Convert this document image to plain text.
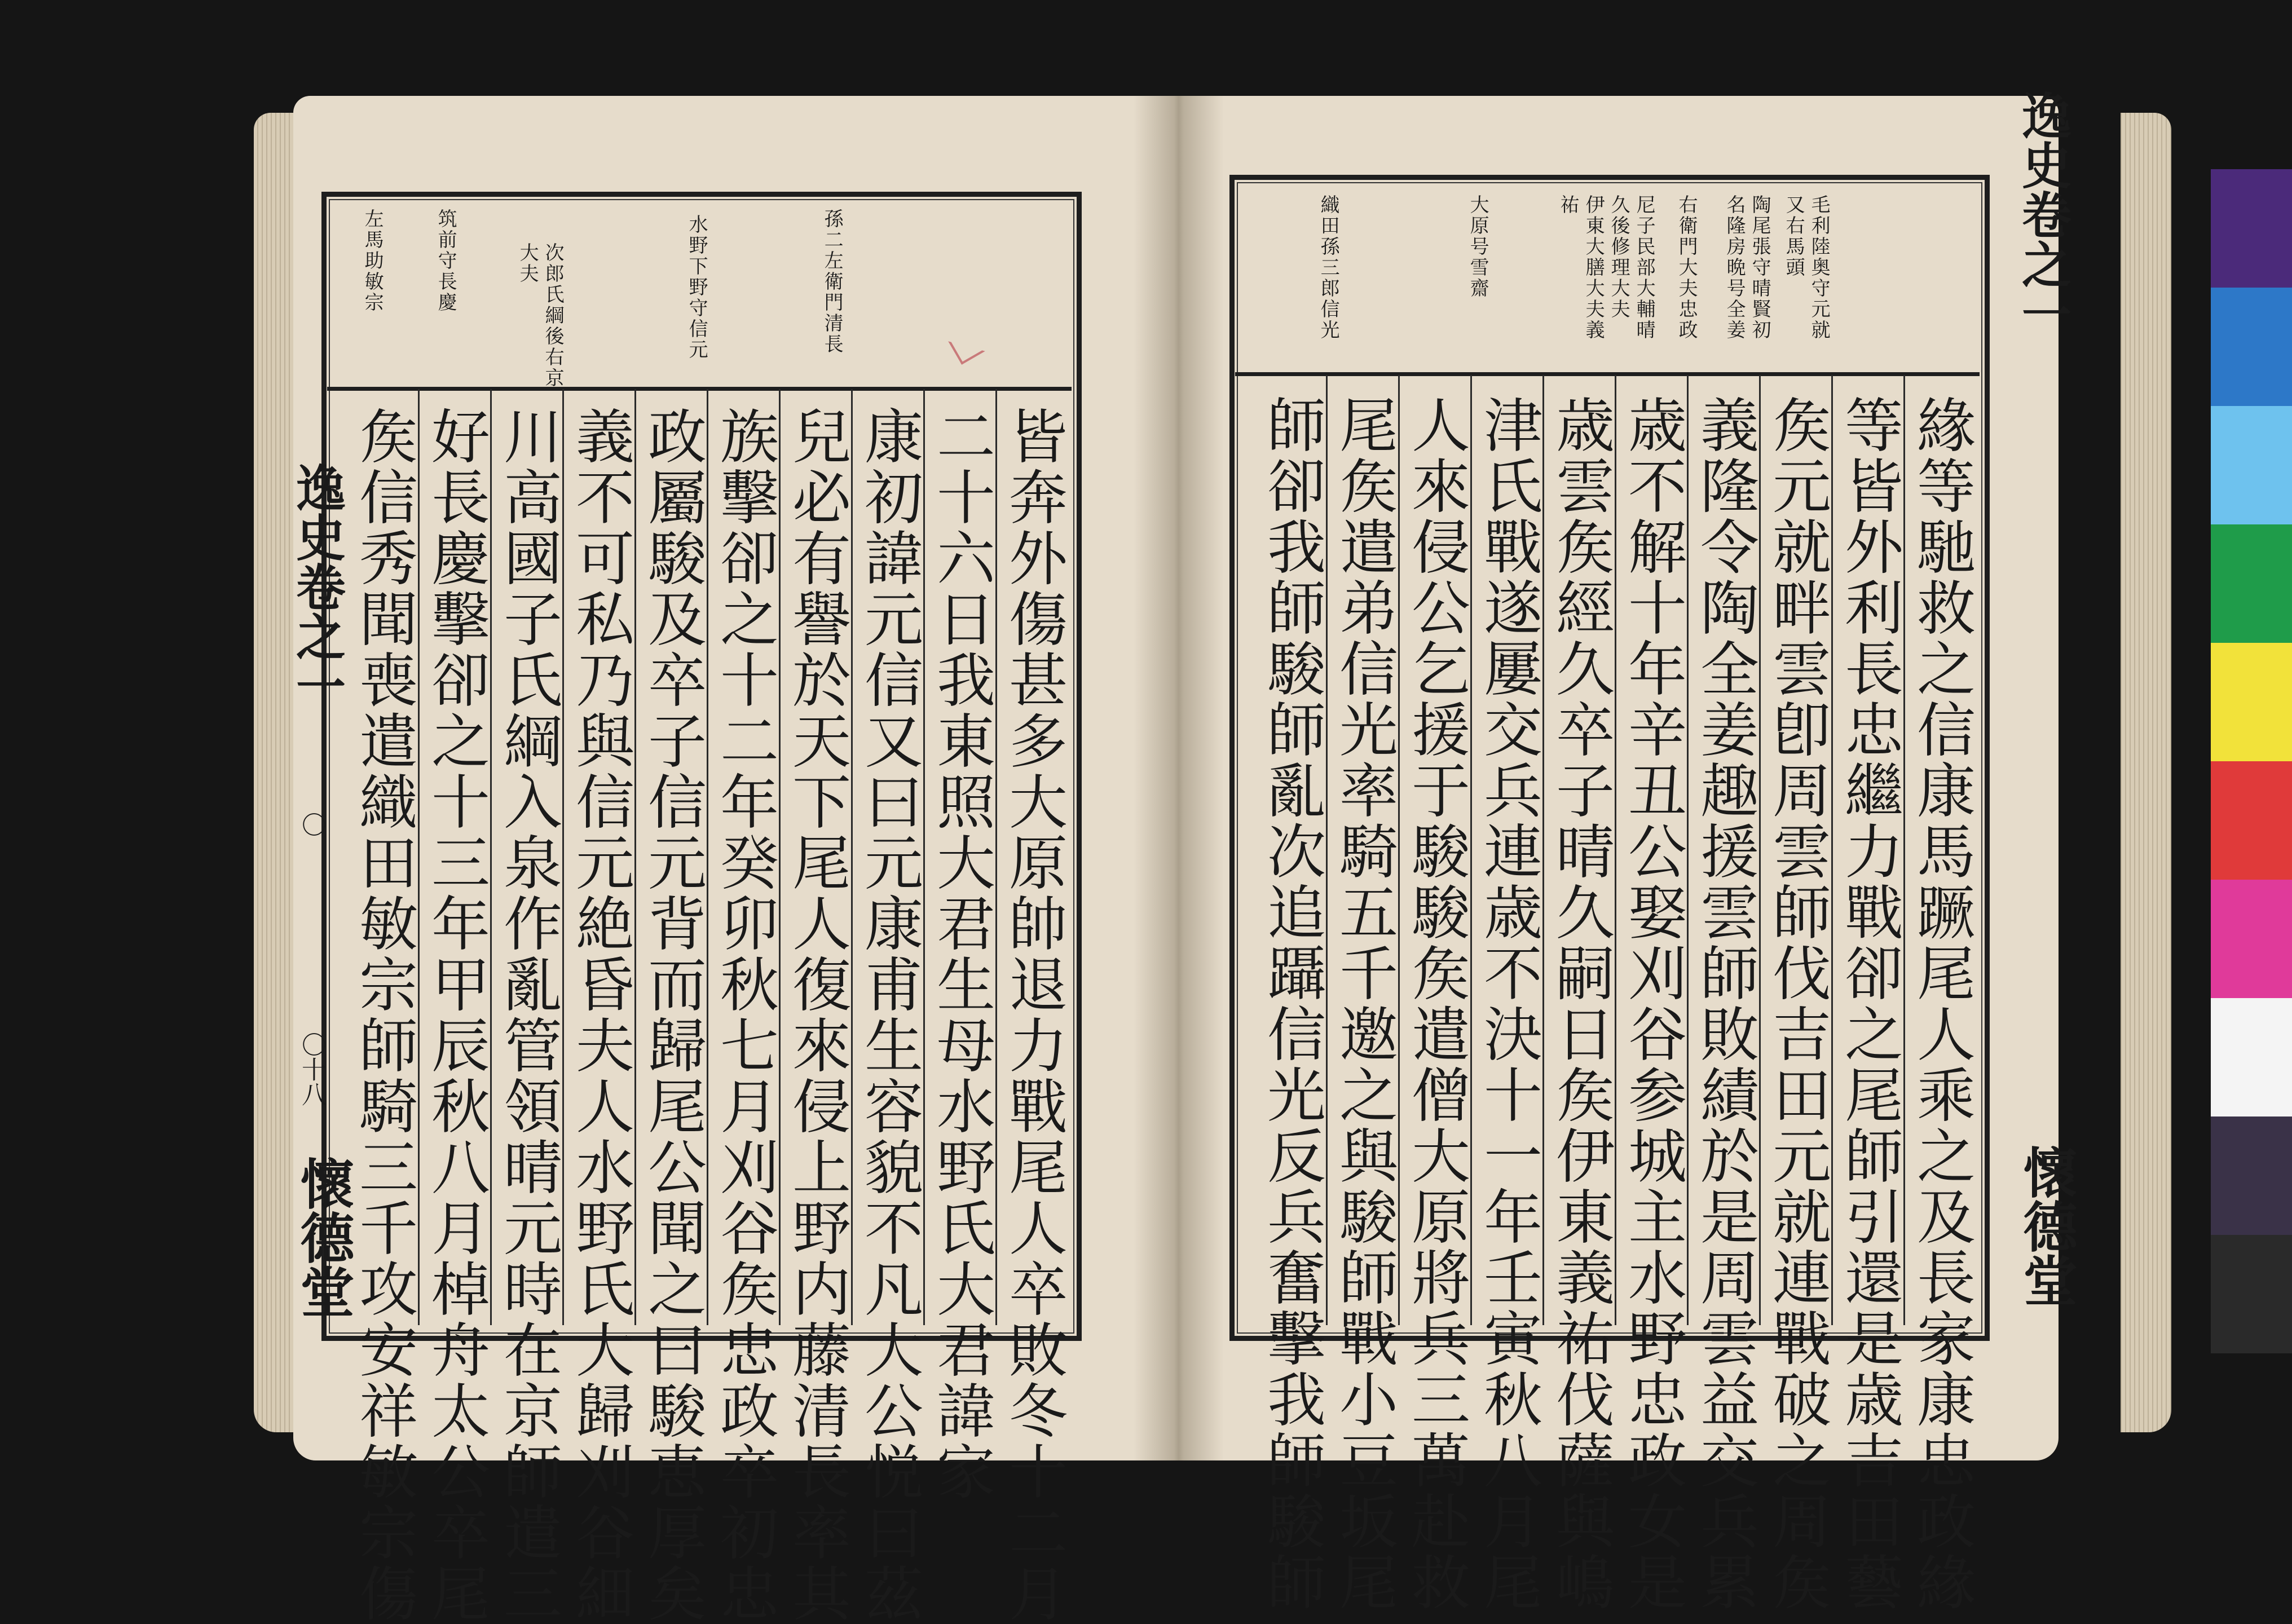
逸史卷之一
〇
〇十八
懷德堂
孫二左衛門清長
水野下野守信元
次郎氏綱後右京
大夫
筑前守長慶
左馬助敏宗
皆奔外傷甚多大原帥退力戰尾人卒敗冬十二月
二十六日我東照大君生母水野氏大君諱家
康初諱元信又曰元康甫生容貌不凡大公悦曰茲
兒必有譽於天下尾人復來侵上野内藤清長率其
族擊卻之十二年癸卯秋七月刈谷矦忠政卒初忠
政屬駿及卒子信元背而歸尾公聞之曰駿恵厚矣
義不可私乃與信元絶昏夫人水野氏大歸刈谷細
川高國子氏綱入泉作亂管領晴元時在京師遣三
好長慶擊卻之十三年甲辰秋八月棹舟太公卒尾
矦信秀聞喪遣織田敏宗師騎三千攻安祥敏宗傷
逸史卷之一
懷德堂
毛利陸奥守元就
又右馬頭
陶尾張守晴賢初
名隆房晩号全姜
右衛門大夫忠政
尼子民部大輔晴
久後修理大夫
伊東大膳大夫義
祐
大原号雪齋
織田孫三郎信光
緣等馳救之信康馬蹶尾人乘之及長家康忠政緣
等皆外利長忠繼力戰卻之尾師引還是歳吉田藝
矦元就畔雲卽周雲師伐吉田元就連戰破之周矦
義隆令陶全姜趣援雲師敗績於是周雲益交兵累
歳不解十年辛丑公娶刈谷参城主水野忠政女是
歳雲矦經久卒子晴久嗣日矦伊東義祐伐薩與嶋
津氏戰遂屢交兵連歳不決十一年壬寅秋八月尾
人來侵公乞援于駿駿矦遣僧大原將兵三萬赴救
尾矦遣弟信光率騎五千邀之與駿師戰小豆坂尾
師卻我師駿師亂次追躡信光反兵奮擊我師駿師
